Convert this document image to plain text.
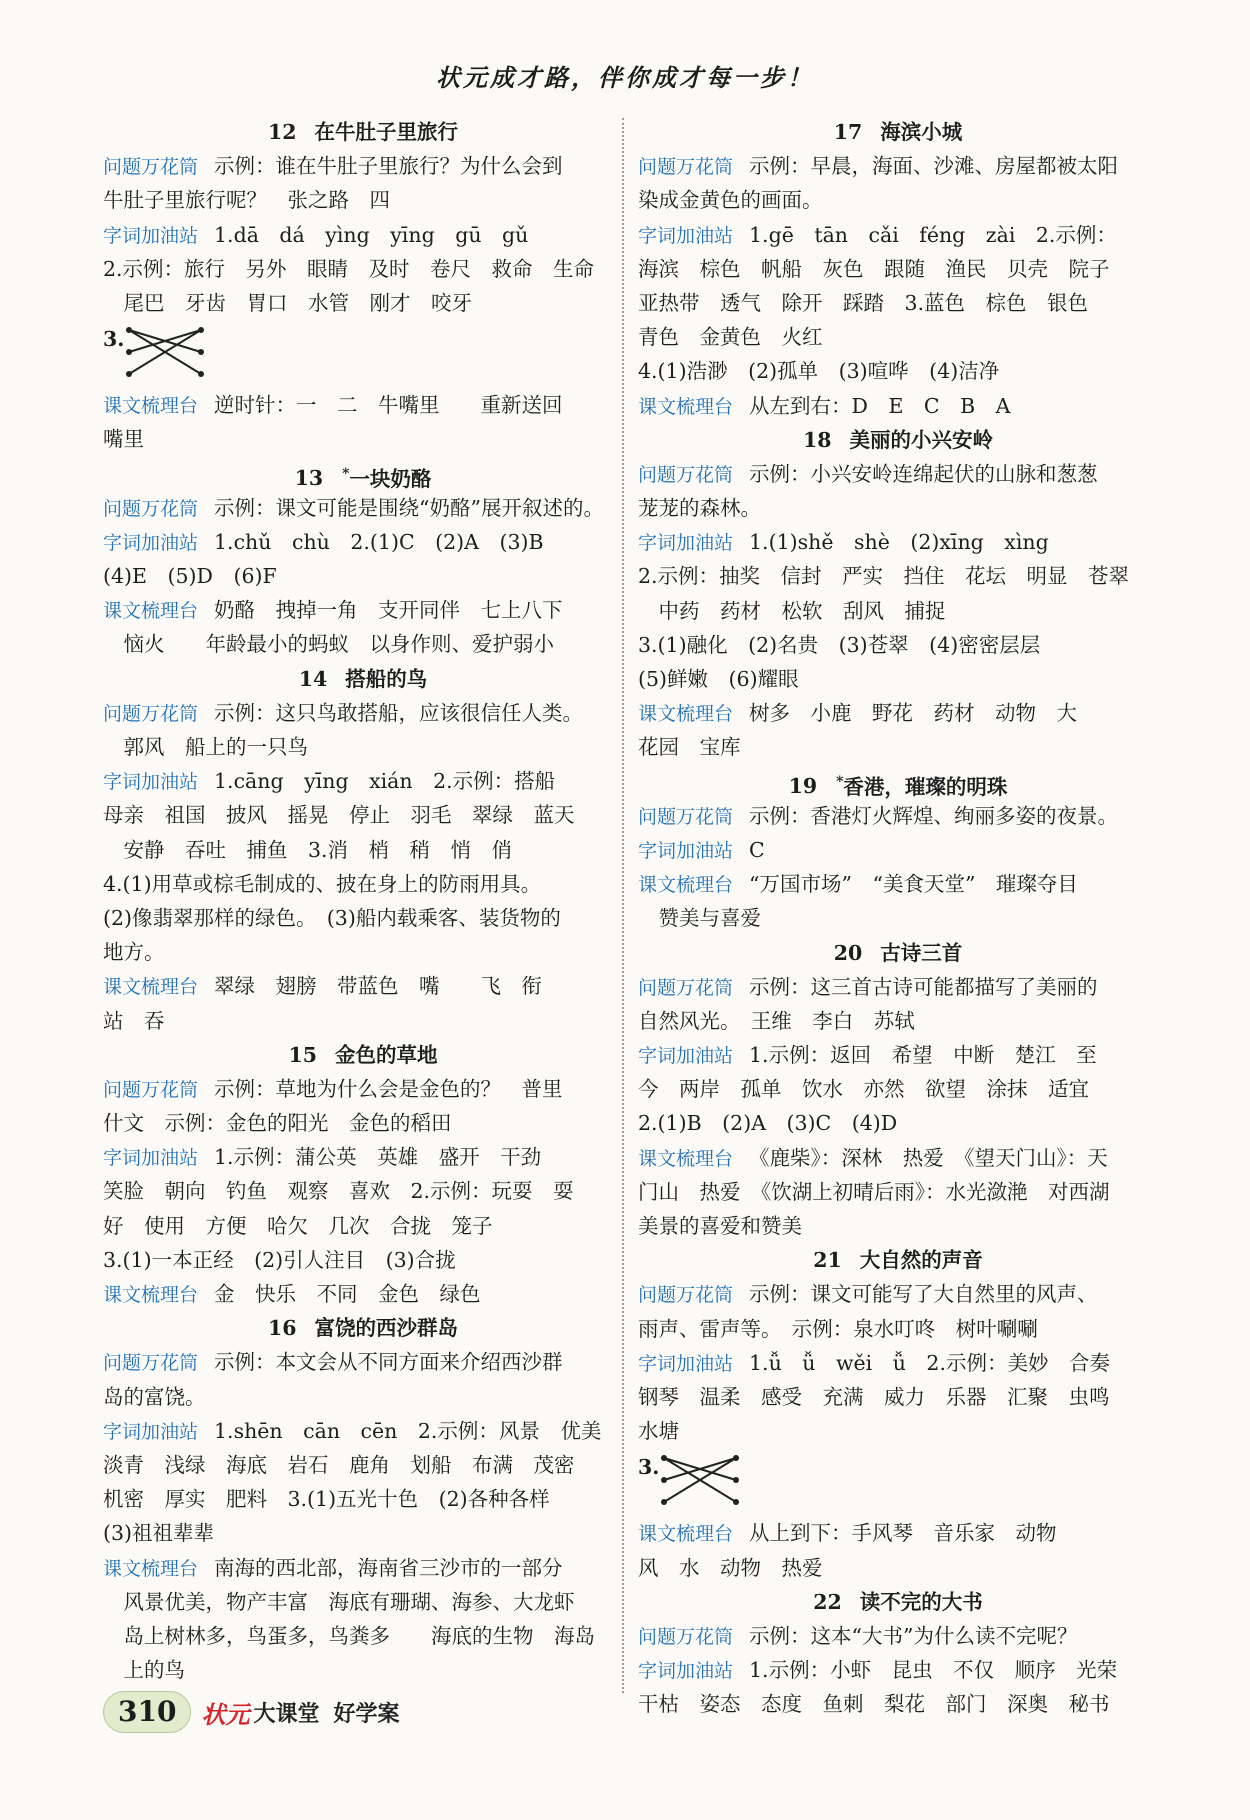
状元成才路，伴你成才每一步！
12 在牛肚子里旅行
问题万花筒 示例：谁在牛肚子里旅行？为什么会到
牛肚子里旅行呢？　张之路　四
字词加油站 1.dā　dá　yìng　yīng　gū　gǔ
2.示例：旅行　另外　眼睛　及时　卷尺　救命　生命
　尾巴　牙齿　胃口　水管　刚才　咬牙
3.
课文梳理台 逆时针：一　二　牛嘴里　　重新送回
嘴里
13 *一块奶酪
问题万花筒 示例：课文可能是围绕“奶酪”展开叙述的。
字词加油站 1.chǔ　chù　2.(1)C　(2)A　(3)B
(4)E　(5)D　(6)F
课文梳理台 奶酪　拽掉一角　支开同伴　七上八下
　恼火　　年龄最小的蚂蚁　以身作则、爱护弱小
14 搭船的鸟
问题万花筒 示例：这只鸟敢搭船，应该很信任人类。
　郭风　船上的一只鸟
字词加油站 1.cāng　yīng　xián　2.示例：搭船
母亲　祖国　披风　摇晃　停止　羽毛　翠绿　蓝天
　安静　吞吐　捕鱼　3.消　梢　稍　悄　俏
4.(1)用草或棕毛制成的、披在身上的防雨用具。
(2)像翡翠那样的绿色。　(3)船内载乘客、装货物的
地方。
课文梳理台 翠绿　翅膀　带蓝色　嘴　　飞　衔
站　吞
15 金色的草地
问题万花筒 示例：草地为什么会是金色的？　普里
什文　示例：金色的阳光　金色的稻田
字词加油站 1.示例：蒲公英　英雄　盛开　干劲
笑脸　朝向　钓鱼　观察　喜欢　2.示例：玩耍　耍
好　使用　方便　哈欠　几次　合拢　笼子
3.(1)一本正经　(2)引人注目　(3)合拢
课文梳理台 金　快乐　不同　金色　绿色
16 富饶的西沙群岛
问题万花筒 示例：本文会从不同方面来介绍西沙群
岛的富饶。
字词加油站 1.shēn　cān　cēn　2.示例：风景　优美
淡青　浅绿　海底　岩石　鹿角　划船　布满　茂密
机密　厚实　肥料　3.(1)五光十色　(2)各种各样
(3)祖祖辈辈
课文梳理台 南海的西北部，海南省三沙市的一部分
　风景优美，物产丰富　海底有珊瑚、海参、大龙虾
　岛上树林多，鸟蛋多，鸟粪多　　海底的生物　海岛
　上的鸟
17 海滨小城
问题万花筒 示例：早晨，海面、沙滩、房屋都被太阳
染成金黄色的画面。
字词加油站 1.gē　tān　cǎi　féng　zài　2.示例：
海滨　棕色　帆船　灰色　跟随　渔民　贝壳　院子
亚热带　透气　除开　踩踏　3.蓝色　棕色　银色
青色　金黄色　火红
4.(1)浩渺　(2)孤单　(3)喧哗　(4)洁净
课文梳理台 从左到右：D　E　C　B　A
18 美丽的小兴安岭
问题万花筒 示例：小兴安岭连绵起伏的山脉和葱葱
茏茏的森林。
字词加油站 1.(1)shě　shè　(2)xīng　xìng
2.示例：抽奖　信封　严实　挡住　花坛　明显　苍翠
　中药　药材　松软　刮风　捕捉
3.(1)融化　(2)名贵　(3)苍翠　(4)密密层层
(5)鲜嫩　(6)耀眼
课文梳理台 树多　小鹿　野花　药材　动物　大
花园　宝库
19 *香港，璀璨的明珠
问题万花筒 示例：香港灯火辉煌、绚丽多姿的夜景。
字词加油站 C
课文梳理台 “万国市场”　“美食天堂”　璀璨夺目
　赞美与喜爱
20 古诗三首
问题万花筒 示例：这三首古诗可能都描写了美丽的
自然风光。　王维　李白　苏轼
字词加油站 1.示例：返回　希望　中断　楚江　至
今　两岸　孤单　饮水　亦然　欲望　涂抹　适宜
2.(1)B　(2)A　(3)C　(4)D
课文梳理台 《鹿柴》：深林　热爱　《望天门山》：天
门山　热爱　《饮湖上初晴后雨》：水光潋滟　对西湖
美景的喜爱和赞美
21 大自然的声音
问题万花筒 示例：课文可能写了大自然里的风声、
雨声、雷声等。　示例：泉水叮咚　树叶唰唰
字词加油站 1.ǚ　ǚ　wěi　ǚ　2.示例：美妙　合奏
钢琴　温柔　感受　充满　威力　乐器　汇聚　虫鸣
水塘
3.
课文梳理台 从上到下：手风琴　音乐家　动物
风　水　动物　热爱
22 读不完的大书
问题万花筒 示例：这本“大书”为什么读不完呢？
字词加油站 1.示例：小虾　昆虫　不仅　顺序　光荣
干枯　姿态　态度　鱼刺　梨花　部门　深奥　秘书
310	状元 大课堂 好学案
